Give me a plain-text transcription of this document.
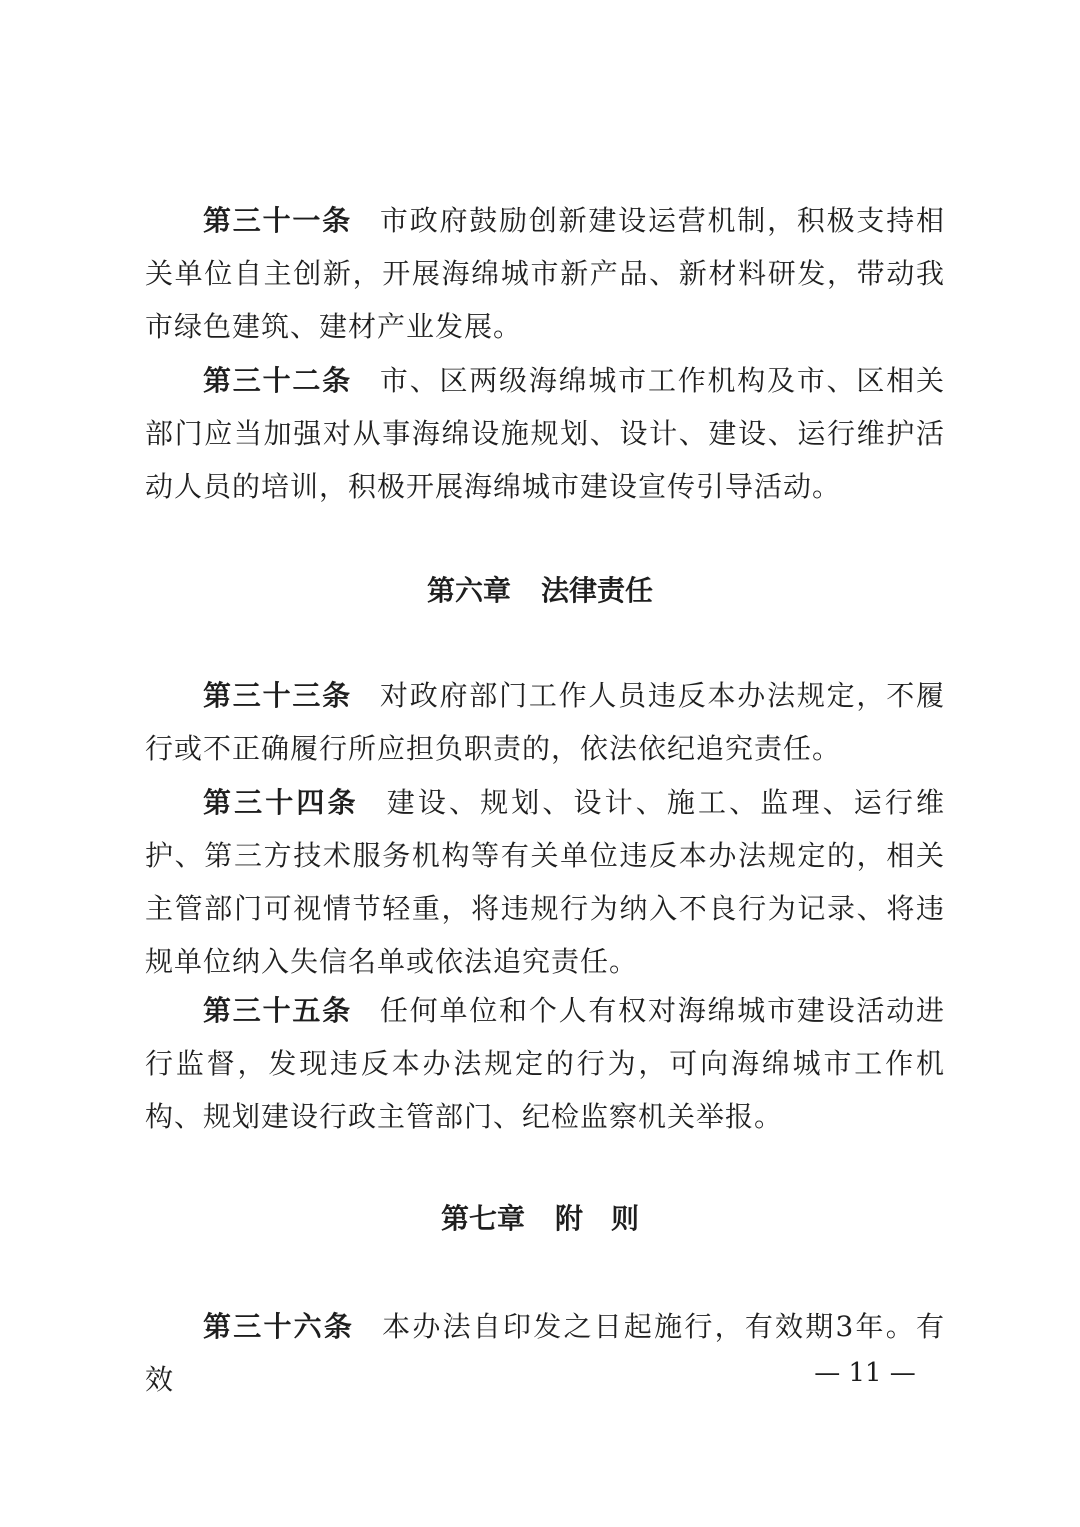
第三十一条 市政府鼓励创新建设运营机制，积极支持相关单位自主创新，开展海绵城市新产品、新材料研发，带动我市绿色建筑、建材产业发展。

第三十二条 市、区两级海绵城市工作机构及市、区相关部门应当加强对从事海绵设施规划、设计、建设、运行维护活动人员的培训，积极开展海绵城市建设宣传引导活动。

第六章 法律责任

第三十三条 对政府部门工作人员违反本办法规定，不履行或不正确履行所应担负职责的，依法依纪追究责任。

第三十四条 建设、规划、设计、施工、监理、运行维护、第三方技术服务机构等有关单位违反本办法规定的，相关主管部门可视情节轻重，将违规行为纳入不良行为记录、将违规单位纳入失信名单或依法追究责任。

第三十五条 任何单位和个人有权对海绵城市建设活动进行监督，发现违反本办法规定的行为，可向海绵城市工作机构、规划建设行政主管部门、纪检监察机关举报。

第七章 附　则

第三十六条 本办法自印发之日起施行，有效期3年。有效	— 11 —
